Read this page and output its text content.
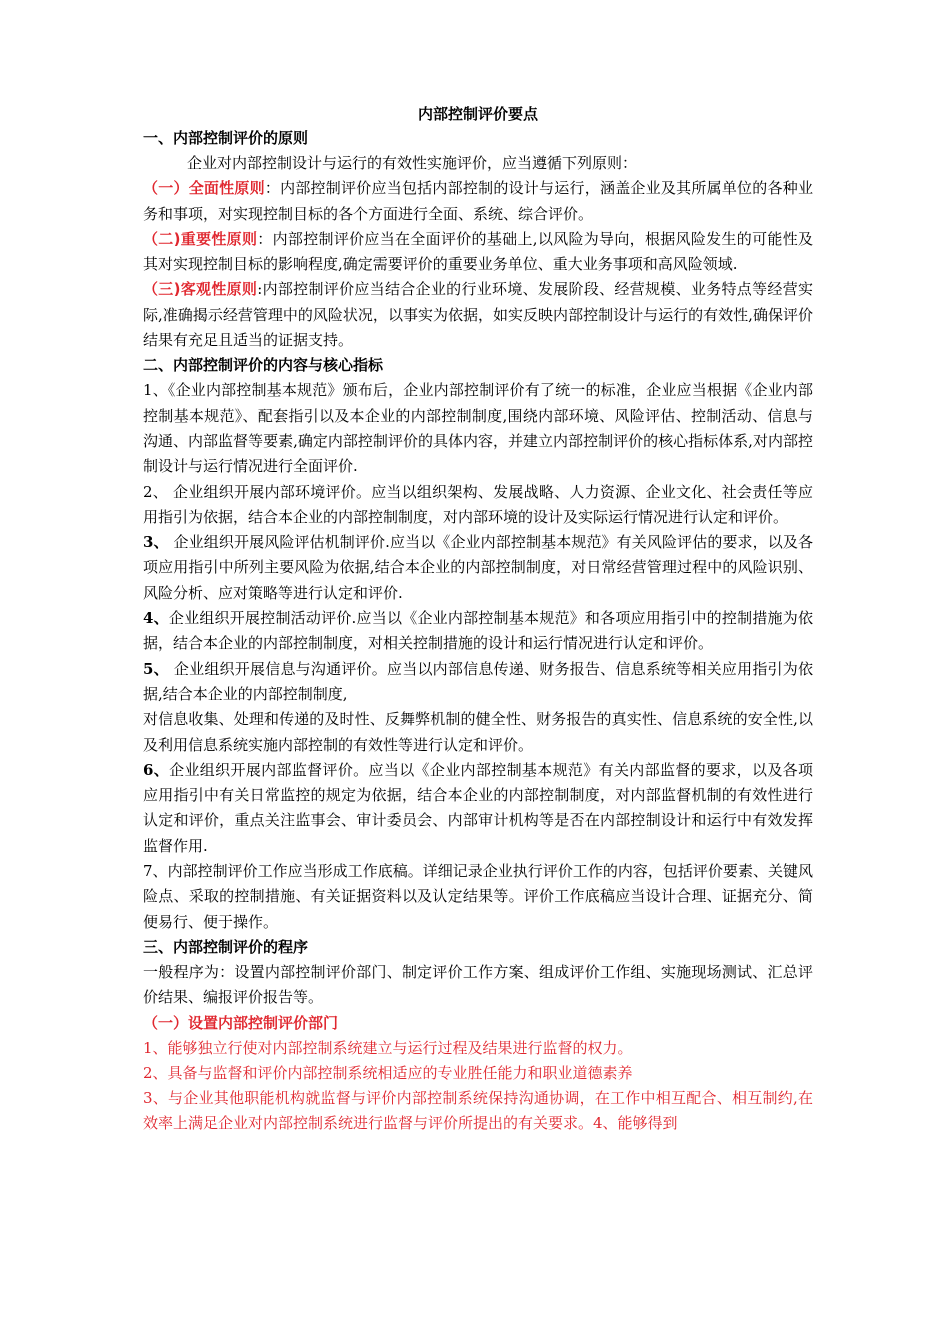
内部控制评价要点
一、内部控制评价的原则

企业对内部控制设计与运行的有效性实施评价，应当遵循下列原则：

（一）全面性原则：内部控制评价应当包括内部控制的设计与运行，涵盖企业及其所属单位的各种业务和事项，对实现控制目标的各个方面进行全面、系统、综合评价。

（二)重要性原则：内部控制评价应当在全面评价的基础上,以风险为导向，根据风险发生的可能性及其对实现控制目标的影响程度,确定需要评价的重要业务单位、重大业务事项和高风险领域.

（三)客观性原则:内部控制评价应当结合企业的行业环境、发展阶段、经营规模、业务特点等经营实际,准确揭示经营管理中的风险状况，以事实为依据，如实反映内部控制设计与运行的有效性,确保评价结果有充足且适当的证据支持。

二、内部控制评价的内容与核心指标

1、《企业内部控制基本规范》颁布后，企业内部控制评价有了统一的标准，企业应当根据《企业内部控制基本规范》、配套指引以及本企业的内部控制制度,围绕内部环境、风险评估、控制活动、信息与沟通、内部监督等要素,确定内部控制评价的具体内容，并建立内部控制评价的核心指标体系,对内部控制设计与运行情况进行全面评价.

2、 企业组织开展内部环境评价。应当以组织架构、发展战略、人力资源、企业文化、社会责任等应用指引为依据，结合本企业的内部控制制度，对内部环境的设计及实际运行情况进行认定和评价。

3、 企业组织开展风险评估机制评价.应当以《企业内部控制基本规范》有关风险评估的要求，以及各项应用指引中所列主要风险为依据,结合本企业的内部控制制度，对日常经营管理过程中的风险识别、风险分析、应对策略等进行认定和评价.

4、企业组织开展控制活动评价.应当以《企业内部控制基本规范》和各项应用指引中的控制措施为依据，结合本企业的内部控制制度，对相关控制措施的设计和运行情况进行认定和评价。

5、 企业组织开展信息与沟通评价。应当以内部信息传递、财务报告、信息系统等相关应用指引为依据,结合本企业的内部控制制度,

对信息收集、处理和传递的及时性、反舞弊机制的健全性、财务报告的真实性、信息系统的安全性,以及利用信息系统实施内部控制的有效性等进行认定和评价。

6、企业组织开展内部监督评价。应当以《企业内部控制基本规范》有关内部监督的要求，以及各项应用指引中有关日常监控的规定为依据，结合本企业的内部控制制度，对内部监督机制的有效性进行认定和评价，重点关注监事会、审计委员会、内部审计机构等是否在内部控制设计和运行中有效发挥监督作用.

7、内部控制评价工作应当形成工作底稿。详细记录企业执行评价工作的内容，包括评价要素、关键风险点、采取的控制措施、有关证据资料以及认定结果等。评价工作底稿应当设计合理、证据充分、简便易行、便于操作。

三、内部控制评价的程序

一般程序为：设置内部控制评价部门、制定评价工作方案、组成评价工作组、实施现场测试、汇总评价结果、编报评价报告等。

（一）设置内部控制评价部门

1、能够独立行使对内部控制系统建立与运行过程及结果进行监督的权力。

2、具备与监督和评价内部控制系统相适应的专业胜任能力和职业道德素养

3、与企业其他职能机构就监督与评价内部控制系统保持沟通协调，在工作中相互配合、相互制约,在效率上满足企业对内部控制系统进行监督与评价所提出的有关要求。4、能够得到
